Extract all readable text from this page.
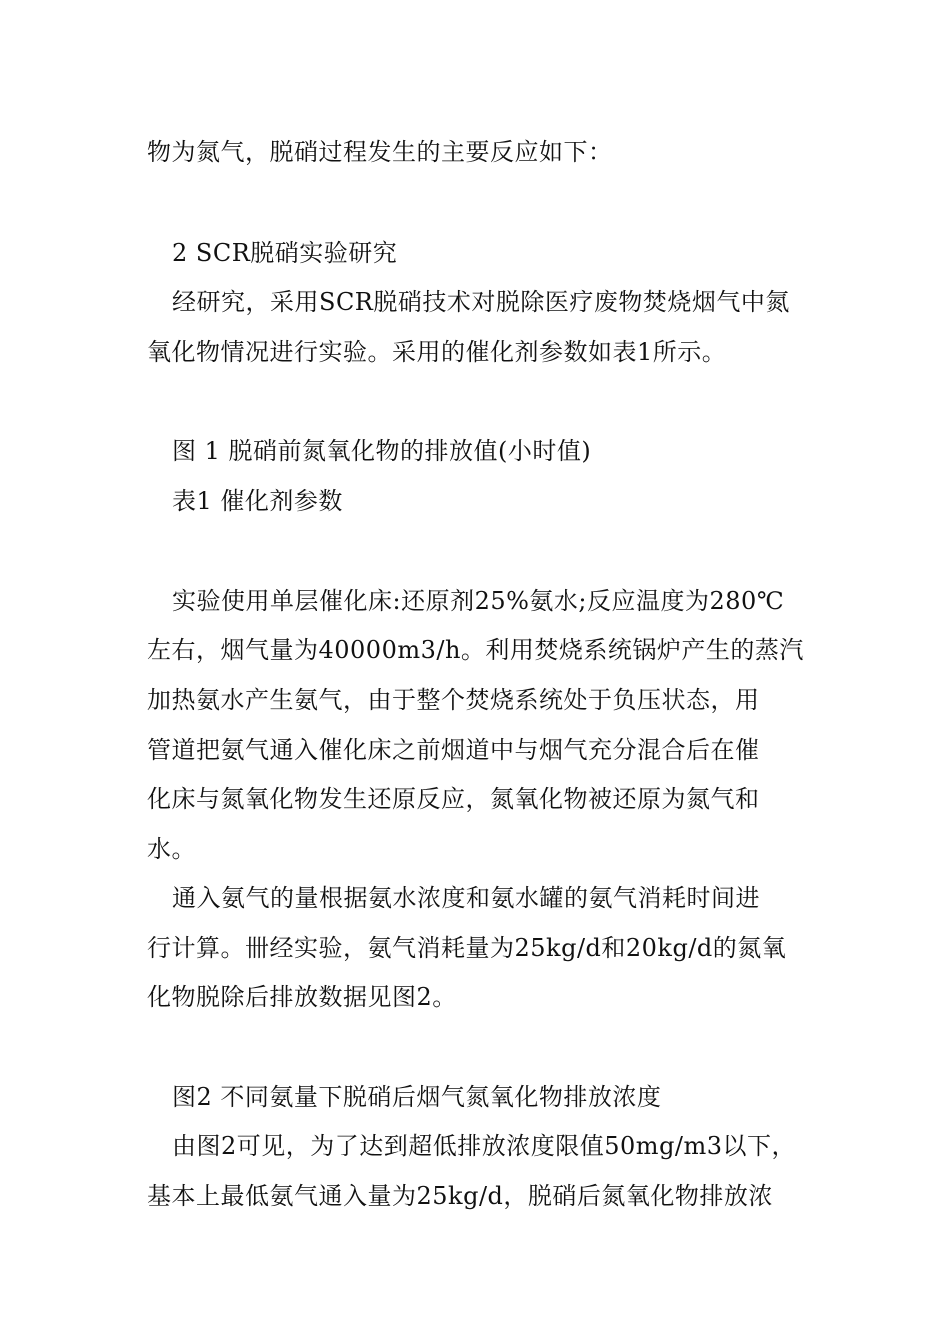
物为氮气，脱硝过程发生的主要反应如下：
2 SCR脱硝实验研究
经研究，采用SCR脱硝技术对脱除医疗废物焚烧烟气中氮
氧化物情况进行实验。采用的催化剂参数如表1所示。
图 1 脱硝前氮氧化物的排放值(小时值)
表1 催化剂参数
实验使用单层催化床:还原剂25%氨水;反应温度为280℃
左右，烟气量为40000m3/h。利用焚烧系统锅炉产生的蒸汽
加热氨水产生氨气，由于整个焚烧系统处于负压状态，用
管道把氨气通入催化床之前烟道中与烟气充分混合后在催
化床与氮氧化物发生还原反应，氮氧化物被还原为氮气和
水。
通入氨气的量根据氨水浓度和氨水罐的氨气消耗时间进
行计算。卌经实验，氨气消耗量为25kg/d和20kg/d的氮氧
化物脱除后排放数据见图2。
图2 不同氨量下脱硝后烟气氮氧化物排放浓度
由图2可见，为了达到超低排放浓度限值50mg/m3以下，
基本上最低氨气通入量为25kg/d，脱硝后氮氧化物排放浓
